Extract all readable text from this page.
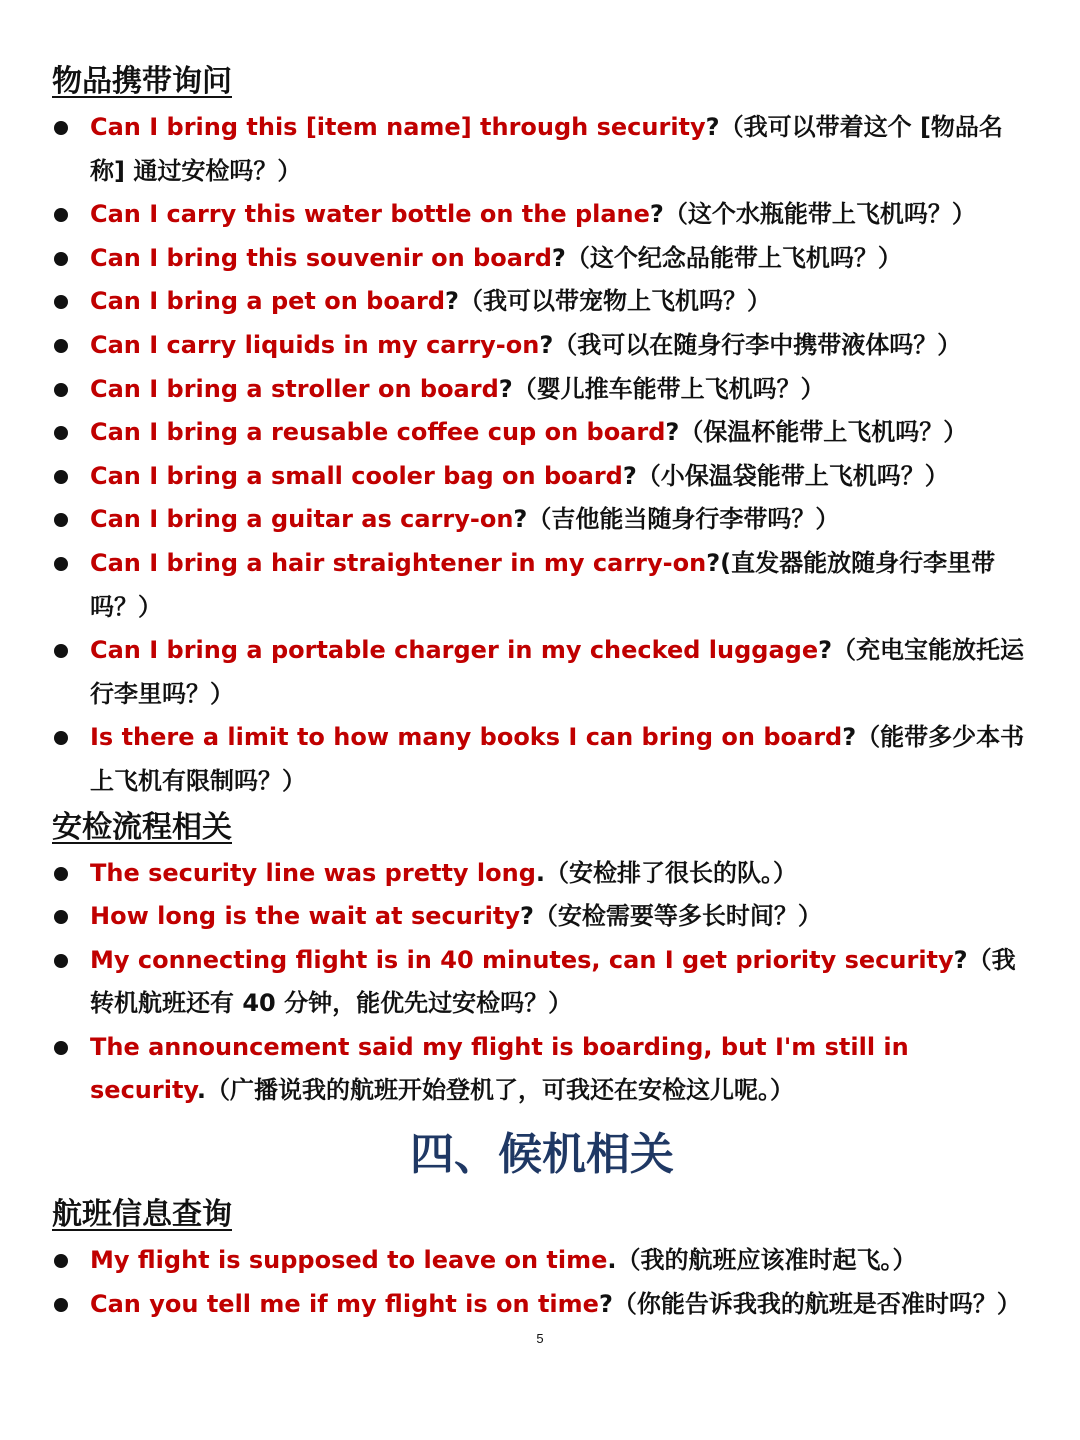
物品携带询问
Can I bring this [item name] through security?（我可以带着这个 [物品名称] 通过安检吗？）
Can I carry this water bottle on the plane?（这个水瓶能带上飞机吗？）
Can I bring this souvenir on board?（这个纪念品能带上飞机吗？）
Can I bring a pet on board?（我可以带宠物上飞机吗？）
Can I carry liquids in my carry-on?（我可以在随身行李中携带液体吗？）
Can I bring a stroller on board?（婴儿推车能带上飞机吗？）
Can I bring a reusable coffee cup on board?（保温杯能带上飞机吗？）
Can I bring a small cooler bag on board?（小保温袋能带上飞机吗？）
Can I bring a guitar as carry-on?（吉他能当随身行李带吗？）
Can I bring a hair straightener in my carry-on?(直发器能放随身行李里带吗？）
Can I bring a portable charger in my checked luggage?（充电宝能放托运行李里吗？）
Is there a limit to how many books I can bring on board?（能带多少本书上飞机有限制吗？）
安检流程相关
The security line was pretty long.（安检排了很长的队。）
How long is the wait at security?（安检需要等多长时间？）
My connecting flight is in 40 minutes, can I get priority security?（我转机航班还有 40 分钟，能优先过安检吗？）
The announcement said my flight is boarding, but I'm still in security.（广播说我的航班开始登机了，可我还在安检这儿呢。）
四、候机相关
航班信息查询
My flight is supposed to leave on time.（我的航班应该准时起飞。）
Can you tell me if my flight is on time?（你能告诉我我的航班是否准时吗？）
5
